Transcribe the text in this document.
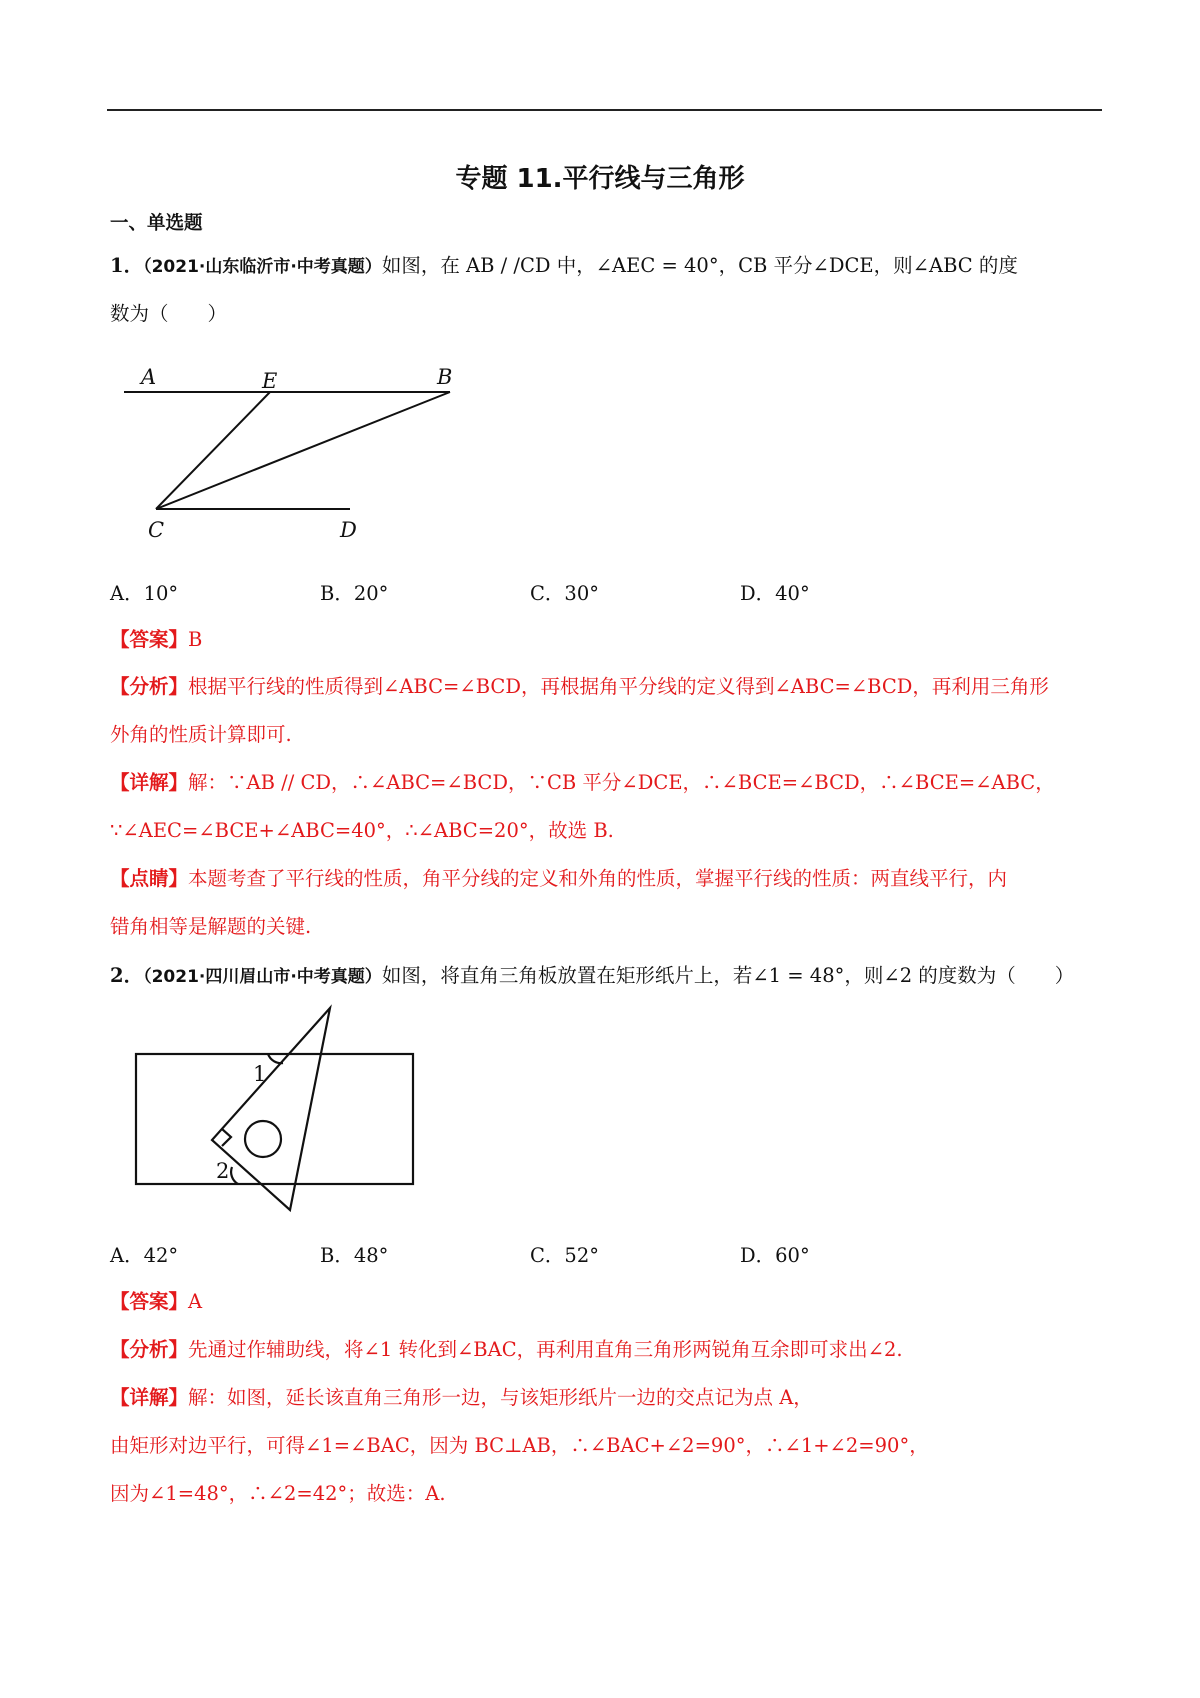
专题 11.平行线与三角形
一、单选题
1．（2021·山东临沂市·中考真题）如图，在 AB / /CD 中，∠AEC = 40°，CB 平分∠DCE，则∠ABC 的度
数为（　　）
A	E	B
C	D
A．10°	B．20°	C．30°	D．40°
【答案】B
【分析】根据平行线的性质得到∠ABC=∠BCD，再根据角平分线的定义得到∠ABC=∠BCD，再利用三角形
外角的性质计算即可.
【详解】解：∵AB // CD，∴∠ABC=∠BCD，∵CB 平分∠DCE，∴∠BCE=∠BCD，∴∠BCE=∠ABC，
∵∠AEC=∠BCE+∠ABC=40°，∴∠ABC=20°，故选 B.
【点睛】本题考查了平行线的性质，角平分线的定义和外角的性质，掌握平行线的性质：两直线平行，内
错角相等是解题的关键.
2．（2021·四川眉山市·中考真题）如图，将直角三角板放置在矩形纸片上，若∠1 = 48°，则∠2 的度数为（　　）
1
2
A．42°	B．48°	C．52°	D．60°
【答案】A
【分析】先通过作辅助线，将∠1 转化到∠BAC，再利用直角三角形两锐角互余即可求出∠2.
【详解】解：如图，延长该直角三角形一边，与该矩形纸片一边的交点记为点 A，
由矩形对边平行，可得∠1=∠BAC，因为 BC⊥AB，∴∠BAC+∠2=90°，∴∠1+∠2=90°，
因为∠1=48°，∴∠2=42°；故选：A.
